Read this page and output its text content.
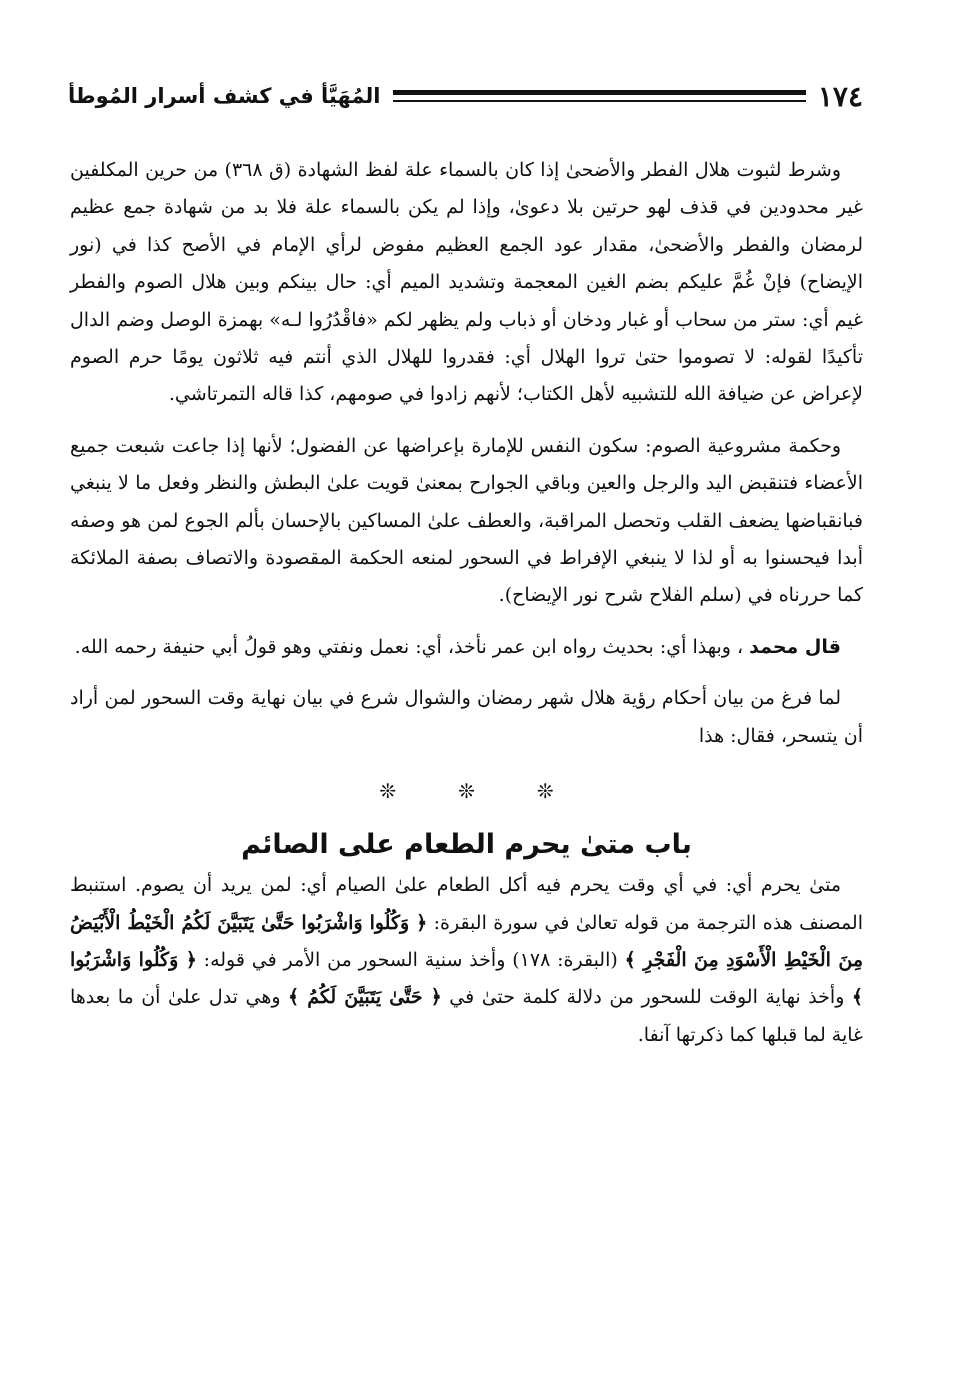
١٧٤
المُهَيَّأ في كشف أسرار المُوطأ

وشرط لثبوت هلال الفطر والأضحىٰ إذا كان بالسماء علة لفظ الشهادة (ق ٣٦٨) من حرين المكلفين غير محدودين في قذف لهو حرتين بلا دعوىٰ، وإذا لم يكن بالسماء علة فلا بد من شهادة جمع عظيم لرمضان والفطر والأضحىٰ، مقدار عود الجمع العظيم مفوض لرأي الإمام في الأصح كذا في (نور الإيضاح) فإنْ غُمَّ عليكم بضم الغين المعجمة وتشديد الميم أي: حال بينكم وبين هلال الصوم والفطر غيم أي: ستر من سحاب أو غبار ودخان أو ذباب ولم يظهر لكم «فاقْدُرُوا لـه» بهمزة الوصل وضم الدال تأكيدًا لقوله: لا تصوموا حتىٰ تروا الهلال أي: فقدروا للهلال الذي أنتم فيه ثلاثون يومًا حرم الصوم لإعراض عن ضيافة الله للتشبيه لأهل الكتاب؛ لأنهم زادوا في صومهم، كذا قاله التمرتاشي.

وحكمة مشروعية الصوم: سكون النفس للإمارة بإعراضها عن الفضول؛ لأنها إذا جاعت شبعت جميع الأعضاء فتنقبض اليد والرجل والعين وباقي الجوارح بمعنىٰ قويت علىٰ البطش والنظر وفعل ما لا ينبغي فبانقباضها يضعف القلب وتحصل المراقبة، والعطف علىٰ المساكين بالإحسان بألم الجوع لمن هو وصفه أبدا فيحسنوا به أو لذا لا ينبغي الإفراط في السحور لمنعه الحكمة المقصودة والاتصاف بصفة الملائكة كما حررناه في (سلم الفلاح شرح نور الإيضاح).

قال محمد ، وبهذا أي: بحديث رواه ابن عمر نأخذ، أي: نعمل ونفتي وهو قولُ أبي حنيفة رحمه الله.

لما فرغ من بيان أحكام رؤية هلال شهر رمضان والشوال شرع في بيان نهاية وقت السحور لمن أراد أن يتسحر، فقال: هذا

❊
❊
❊
باب متىٰ يحرم الطعام على الصائم

متىٰ يحرم أي: في أي وقت يحرم فيه أكل الطعام علىٰ الصيام أي: لمن يريد أن يصوم. استنبط المصنف هذه الترجمة من قوله تعالىٰ في سورة البقرة: ﴿ وَكُلُوا وَاشْرَبُوا حَتَّىٰ يَتَبَيَّنَ لَكُمُ الْخَيْطُ الْأَبْيَضُ مِنَ الْخَيْطِ الْأَسْوَدِ مِنَ الْفَجْرِ ﴾ (البقرة: ١٧٨) وأخذ سنية السحور من الأمر في قوله: ﴿ وَكُلُوا وَاشْرَبُوا ﴾ وأخذ نهاية الوقت للسحور من دلالة كلمة حتىٰ في ﴿ حَتَّىٰ يَتَبَيَّنَ لَكُمُ ﴾ وهي تدل علىٰ أن ما بعدها غاية لما قبلها كما ذكرتها آنفا.
